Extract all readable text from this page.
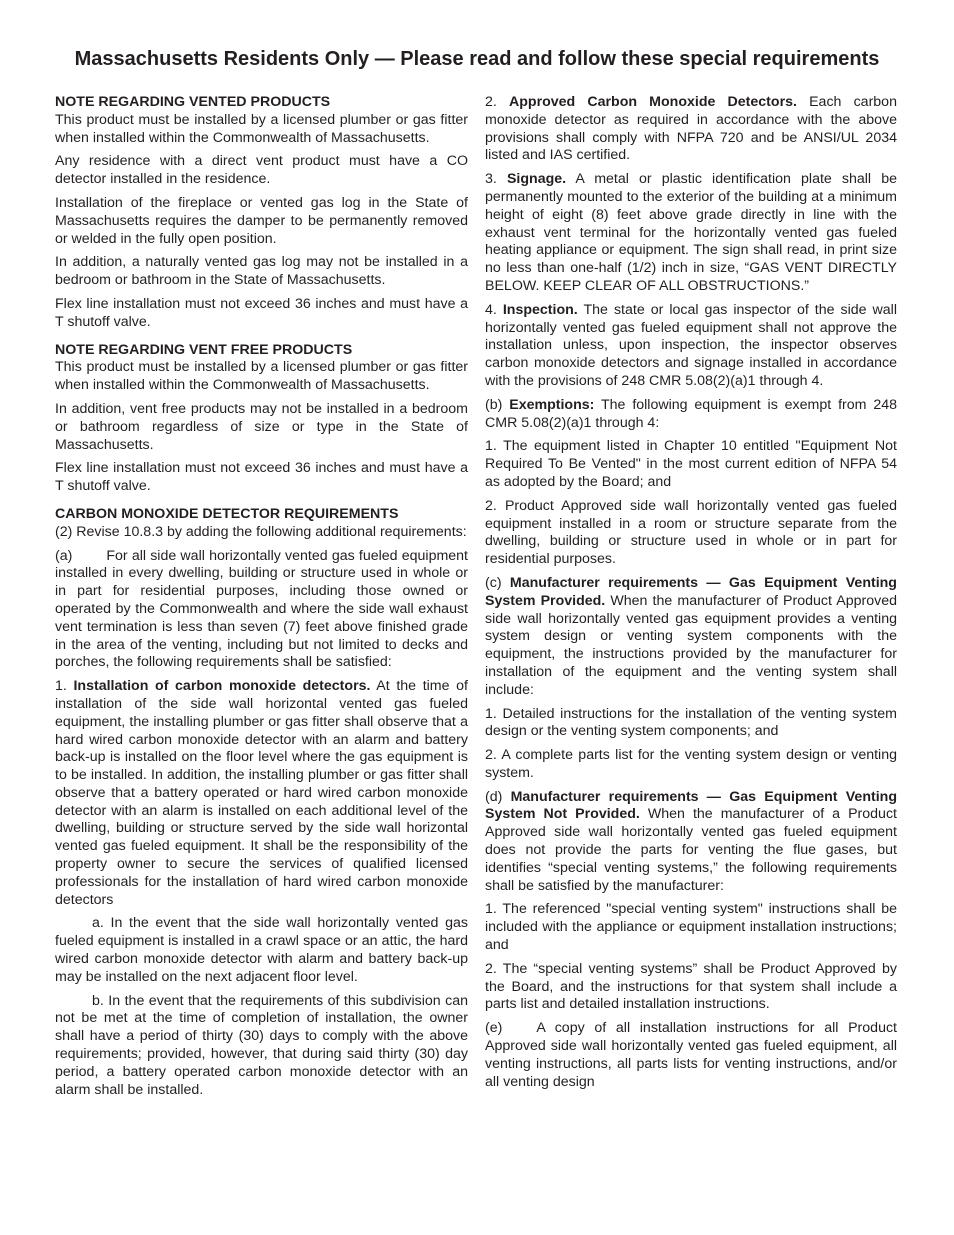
Massachusetts Residents Only — Please read and follow these special requirements
NOTE REGARDING VENTED PRODUCTS

This product must be installed by a licensed plumber or gas fitter when installed within the Commonwealth of Massachusetts.

Any residence with a direct vent product must have a CO detector installed in the residence.

Installation of the fireplace or vented gas log in the State of Massachusetts requires the damper to be permanently removed or welded in the fully open position.

In addition, a naturally vented gas log may not be installed in a bedroom or bathroom in the State of Massachusetts.

Flex line installation must not exceed 36 inches and must have a T shutoff valve.

NOTE REGARDING VENT FREE PRODUCTS

This product must be installed by a licensed plumber or gas fitter when installed within the Commonwealth of Massachusetts.

In addition, vent free products may not be installed in a bedroom or bathroom regardless of size or type in the State of Massachusetts.

Flex line installation must not exceed 36 inches and must have a T shutoff valve.

CARBON MONOXIDE DETECTOR REQUIREMENTS

(2) Revise 10.8.3 by adding the following additional requirements:

(a) For all side wall horizontally vented gas fueled equipment installed in every dwelling, building or structure used in whole or in part for residential purposes, including those owned or operated by the Commonwealth and where the side wall exhaust vent termination is less than seven (7) feet above finished grade in the area of the venting, including but not limited to decks and porches, the following requirements shall be satisfied:

1. Installation of carbon monoxide detectors. At the time of installation of the side wall horizontal vented gas fueled equipment, the installing plumber or gas fitter shall observe that a hard wired carbon monoxide detector with an alarm and battery back-up is installed on the floor level where the gas equipment is to be installed. In addition, the installing plumber or gas fitter shall observe that a battery operated or hard wired carbon monoxide detector with an alarm is installed on each additional level of the dwelling, building or structure served by the side wall horizontal vented gas fueled equipment. It shall be the responsibility of the property owner to secure the services of qualified licensed professionals for the installation of hard wired carbon monoxide detectors

a. In the event that the side wall horizontally vented gas fueled equipment is installed in a crawl space or an attic, the hard wired carbon monoxide detector with alarm and battery back-up may be installed on the next adjacent floor level.

b. In the event that the requirements of this subdivision can not be met at the time of completion of installation, the owner shall have a period of thirty (30) days to comply with the above requirements; provided, however, that during said thirty (30) day period, a battery operated carbon monoxide detector with an alarm shall be installed.

2. Approved Carbon Monoxide Detectors. Each carbon monoxide detector as required in accordance with the above provisions shall comply with NFPA 720 and be ANSI/UL 2034 listed and IAS certified.

3. Signage. A metal or plastic identification plate shall be permanently mounted to the exterior of the building at a minimum height of eight (8) feet above grade directly in line with the exhaust vent terminal for the horizontally vented gas fueled heating appliance or equipment. The sign shall read, in print size no less than one-half (1/2) inch in size, “GAS VENT DIRECTLY BELOW. KEEP CLEAR OF ALL OBSTRUCTIONS.”

4. Inspection. The state or local gas inspector of the side wall horizontally vented gas fueled equipment shall not approve the installation unless, upon inspection, the inspector observes carbon monoxide detectors and signage installed in accordance with the provisions of 248 CMR 5.08(2)(a)1 through 4.

(b) Exemptions: The following equipment is exempt from 248 CMR 5.08(2)(a)1 through 4:

1. The equipment listed in Chapter 10 entitled "Equipment Not Required To Be Vented" in the most current edition of NFPA 54 as adopted by the Board; and

2. Product Approved side wall horizontally vented gas fueled equipment installed in a room or structure separate from the dwelling, building or structure used in whole or in part for residential purposes.

(c) Manufacturer requirements — Gas Equipment Venting System Provided. When the manufacturer of Product Approved side wall horizontally vented gas equipment provides a venting system design or venting system components with the equipment, the instructions provided by the manufacturer for installation of the equipment and the venting system shall include:

1. Detailed instructions for the installation of the venting system design or the venting system components; and

2. A complete parts list for the venting system design or venting system.

(d) Manufacturer requirements — Gas Equipment Venting System Not Provided. When the manufacturer of a Product Approved side wall horizontally vented gas fueled equipment does not provide the parts for venting the flue gases, but identifies “special venting systems,” the following requirements shall be satisfied by the manufacturer:

1. The referenced "special venting system" instructions shall be included with the appliance or equipment installation instructions; and

2. The “special venting systems” shall be Product Approved by the Board, and the instructions for that system shall include a parts list and detailed installation instructions.

(e) A copy of all installation instructions for all Product Approved side wall horizontally vented gas fueled equipment, all venting instructions, all parts lists for venting instructions, and/or all venting design
